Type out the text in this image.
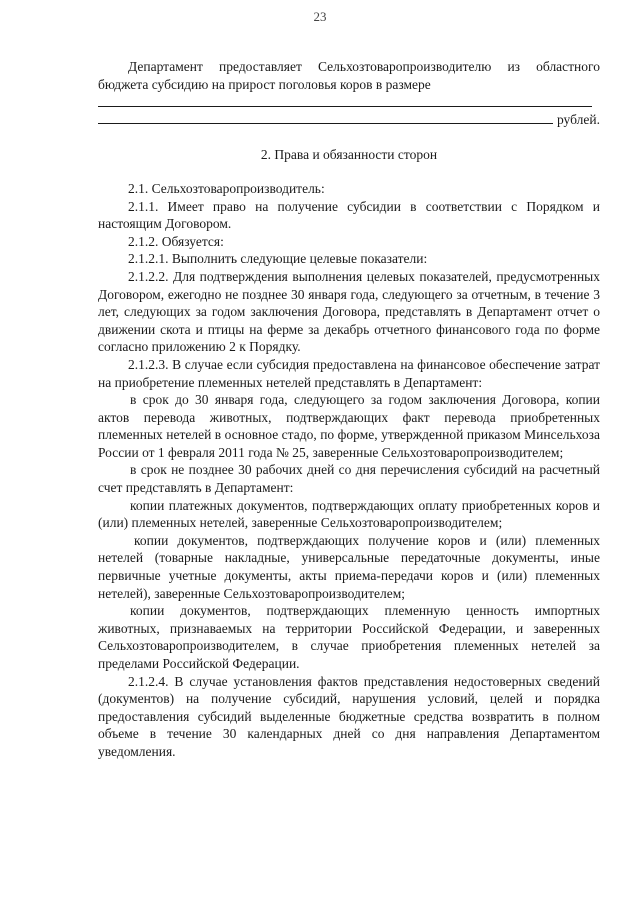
23

Департамент предоставляет Сельхозтоваропроизводителю из областного бюджета субсидию на прирост поголовья коров в размере

рублей.
2. Права и обязанности сторон

2.1. Сельхозтоваропроизводитель:

2.1.1. Имеет право на получение субсидии в соответствии с Порядком и настоящим Договором.

2.1.2. Обязуется:

2.1.2.1. Выполнить следующие целевые показатели:

2.1.2.2. Для подтверждения выполнения целевых показателей, предусмотренных Договором, ежегодно не позднее 30 января года, следующего за отчетным, в течение 3 лет, следующих за годом заключения Договора, представлять в Департамент отчет о движении скота и птицы на ферме за декабрь отчетного финансового года по форме согласно приложению 2 к Порядку.

2.1.2.3. В случае если субсидия предоставлена на финансовое обеспечение затрат на приобретение племенных нетелей представлять в Департамент:

в срок до 30 января года, следующего за годом заключения Договора, копии актов перевода животных, подтверждающих факт перевода приобретенных племенных нетелей в основное стадо, по форме, утвержденной приказом Минсельхоза России от 1 февраля 2011 года № 25, заверенные Сельхозтоваропроизводителем;

в срок не позднее 30 рабочих дней со дня перечисления субсидий на расчетный счет представлять в Департамент:

копии платежных документов, подтверждающих оплату приобретенных коров и (или) племенных нетелей, заверенные Сельхозтоваропроизводителем;

копии документов, подтверждающих получение коров и (или) племенных нетелей (товарные накладные, универсальные передаточные документы, иные первичные учетные документы, акты приема-передачи коров и (или) племенных нетелей), заверенные Сельхозтоваропроизводителем;

копии документов, подтверждающих племенную ценность импортных животных, признаваемых на территории Российской Федерации, и заверенных Сельхозтоваропроизводителем, в случае приобретения племенных нетелей за пределами Российской Федерации.

2.1.2.4. В случае установления фактов представления недостоверных сведений (документов) на получение субсидий, нарушения условий, целей и порядка предоставления субсидий выделенные бюджетные средства возвратить в полном объеме в течение 30 календарных дней со дня направления Департаментом уведомления.
